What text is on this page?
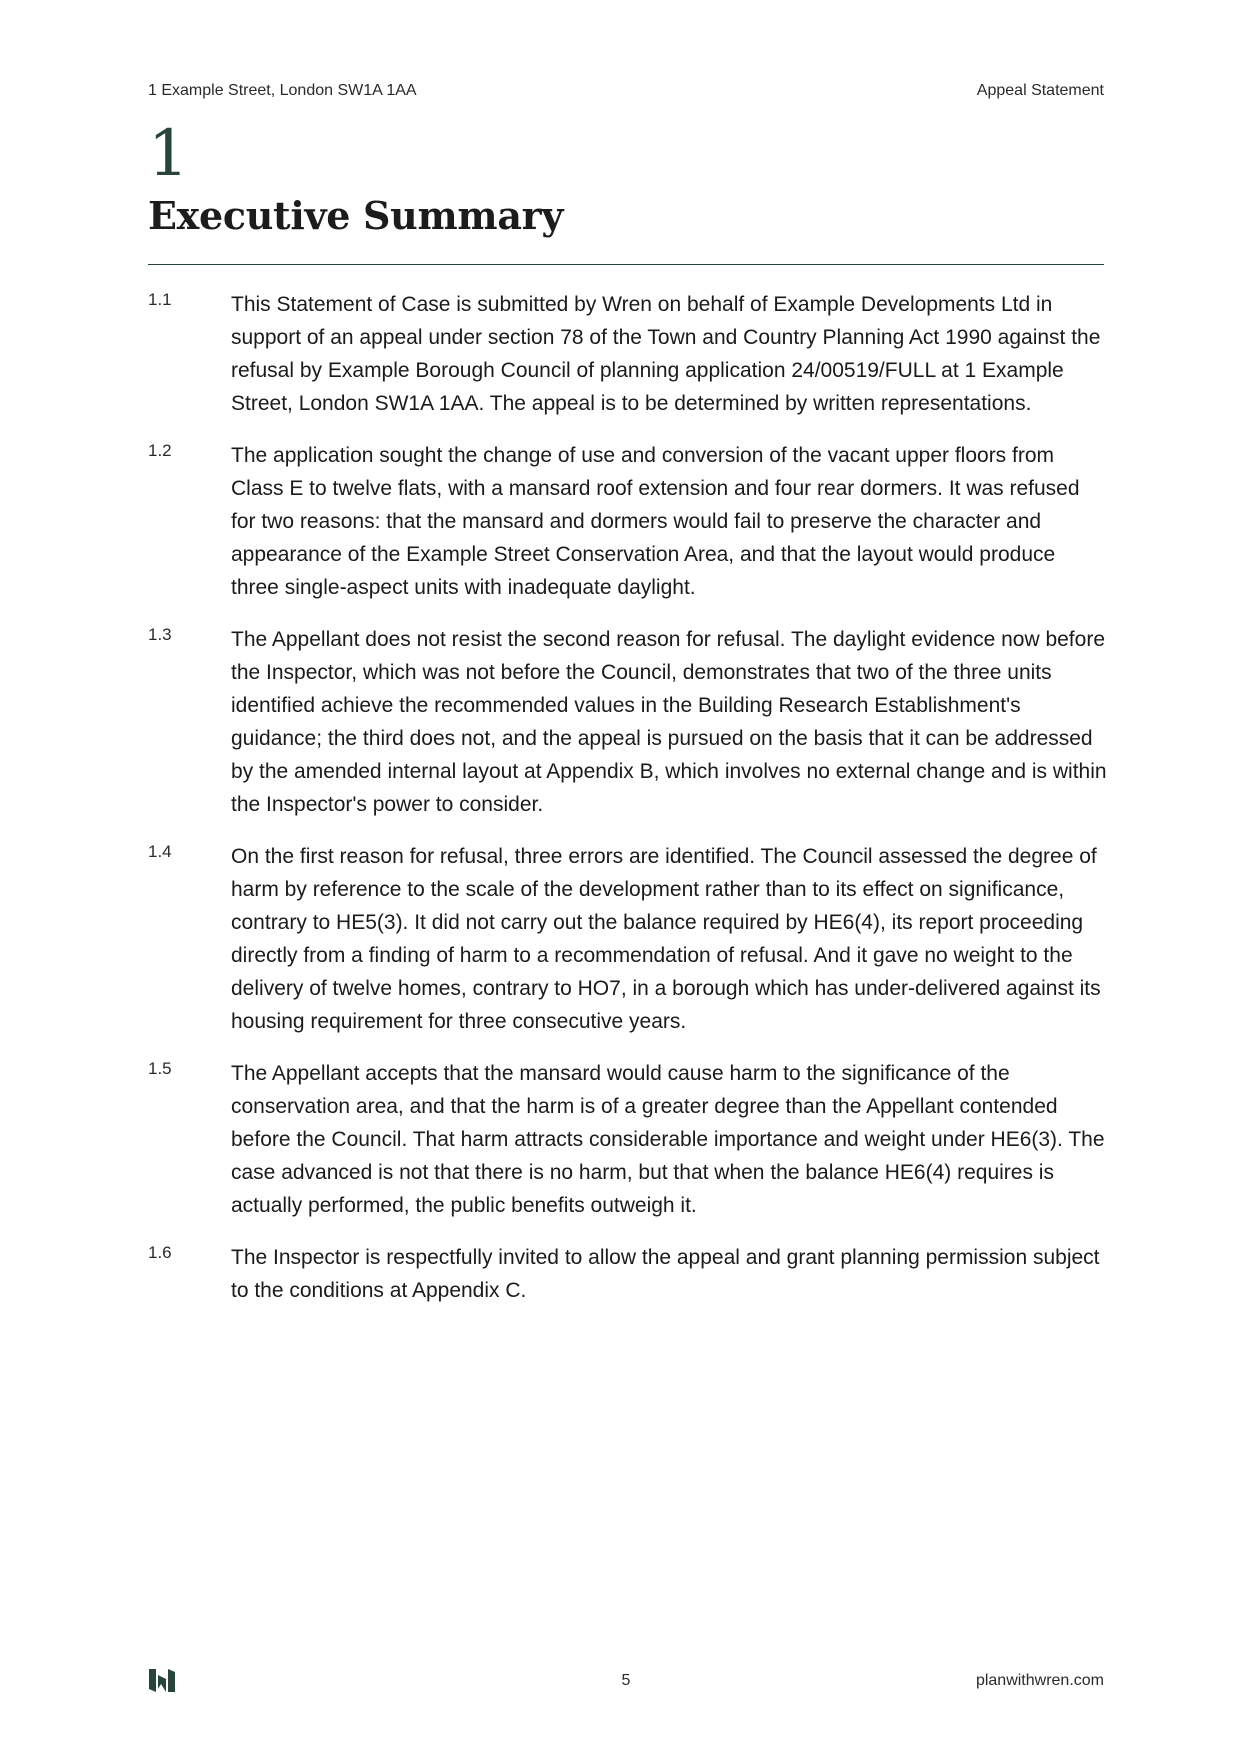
1 Example Street, London SW1A 1AA	Appeal Statement
1
Executive Summary
1.1	This Statement of Case is submitted by Wren on behalf of Example Developments Ltd in support of an appeal under section 78 of the Town and Country Planning Act 1990 against the refusal by Example Borough Council of planning application 24/00519/FULL at 1 Example Street, London SW1A 1AA. The appeal is to be determined by written representations.
1.2	The application sought the change of use and conversion of the vacant upper floors from Class E to twelve flats, with a mansard roof extension and four rear dormers. It was refused for two reasons: that the mansard and dormers would fail to preserve the character and appearance of the Example Street Conservation Area, and that the layout would produce three single-aspect units with inadequate daylight.
1.3	The Appellant does not resist the second reason for refusal. The daylight evidence now before the Inspector, which was not before the Council, demonstrates that two of the three units identified achieve the recommended values in the Building Research Establishment's guidance; the third does not, and the appeal is pursued on the basis that it can be addressed by the amended internal layout at Appendix B, which involves no external change and is within the Inspector's power to consider.
1.4	On the first reason for refusal, three errors are identified. The Council assessed the degree of harm by reference to the scale of the development rather than to its effect on significance, contrary to HE5(3). It did not carry out the balance required by HE6(4), its report proceeding directly from a finding of harm to a recommendation of refusal. And it gave no weight to the delivery of twelve homes, contrary to HO7, in a borough which has under-delivered against its housing requirement for three consecutive years.
1.5	The Appellant accepts that the mansard would cause harm to the significance of the conservation area, and that the harm is of a greater degree than the Appellant contended before the Council. That harm attracts considerable importance and weight under HE6(3). The case advanced is not that there is no harm, but that when the balance HE6(4) requires is actually performed, the public benefits outweigh it.
1.6	The Inspector is respectfully invited to allow the appeal and grant planning permission subject to the conditions at Appendix C.
5	planwithwren.com
